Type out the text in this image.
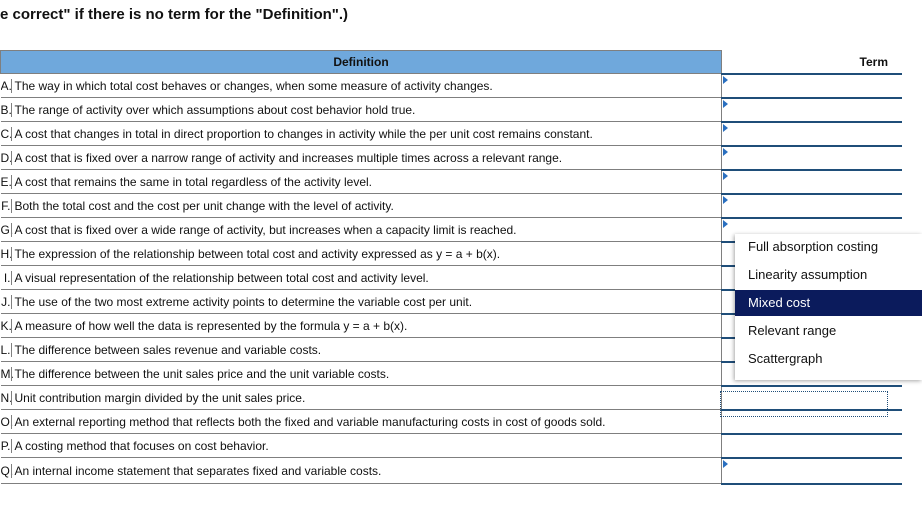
e correct" if there is no term for the "Definition".)
Definition	Term
A. The way in which total cost behaves or changes, when some measure of activity changes.	

B. The range of activity over which assumptions about cost behavior hold true.	

C. A cost that changes in total in direct proportion to changes in activity while the per unit cost remains constant.	

D. A cost that is fixed over a narrow range of activity and increases multiple times across a relevant range.	

E. A cost that remains the same in total regardless of the activity level.	

F. Both the total cost and the cost per unit change with the level of activity.	

G.A cost that is fixed over a wide range of activity, but increases when a capacity limit is reached.	

H. The expression of the relationship between total cost and activity expressed as y = a + b(x).	
I. A visual representation of the relationship between total cost and activity level.	
J. The use of the two most extreme activity points to determine the variable cost per unit.	
K. A measure of how well the data is represented by the formula y = a + b(x).	
L. The difference between sales revenue and variable costs.	
M.The difference between the unit sales price and the unit variable costs.	
N. Unit contribution margin divided by the unit sales price.	
O.An external reporting method that reflects both the fixed and variable manufacturing costs in cost of goods sold.	
P. A costing method that focuses on cost behavior.	
Q.An internal income statement that separates fixed and variable costs.	
Full absorption costing
Linearity assumption
Mixed cost
Relevant range
Scattergraph
